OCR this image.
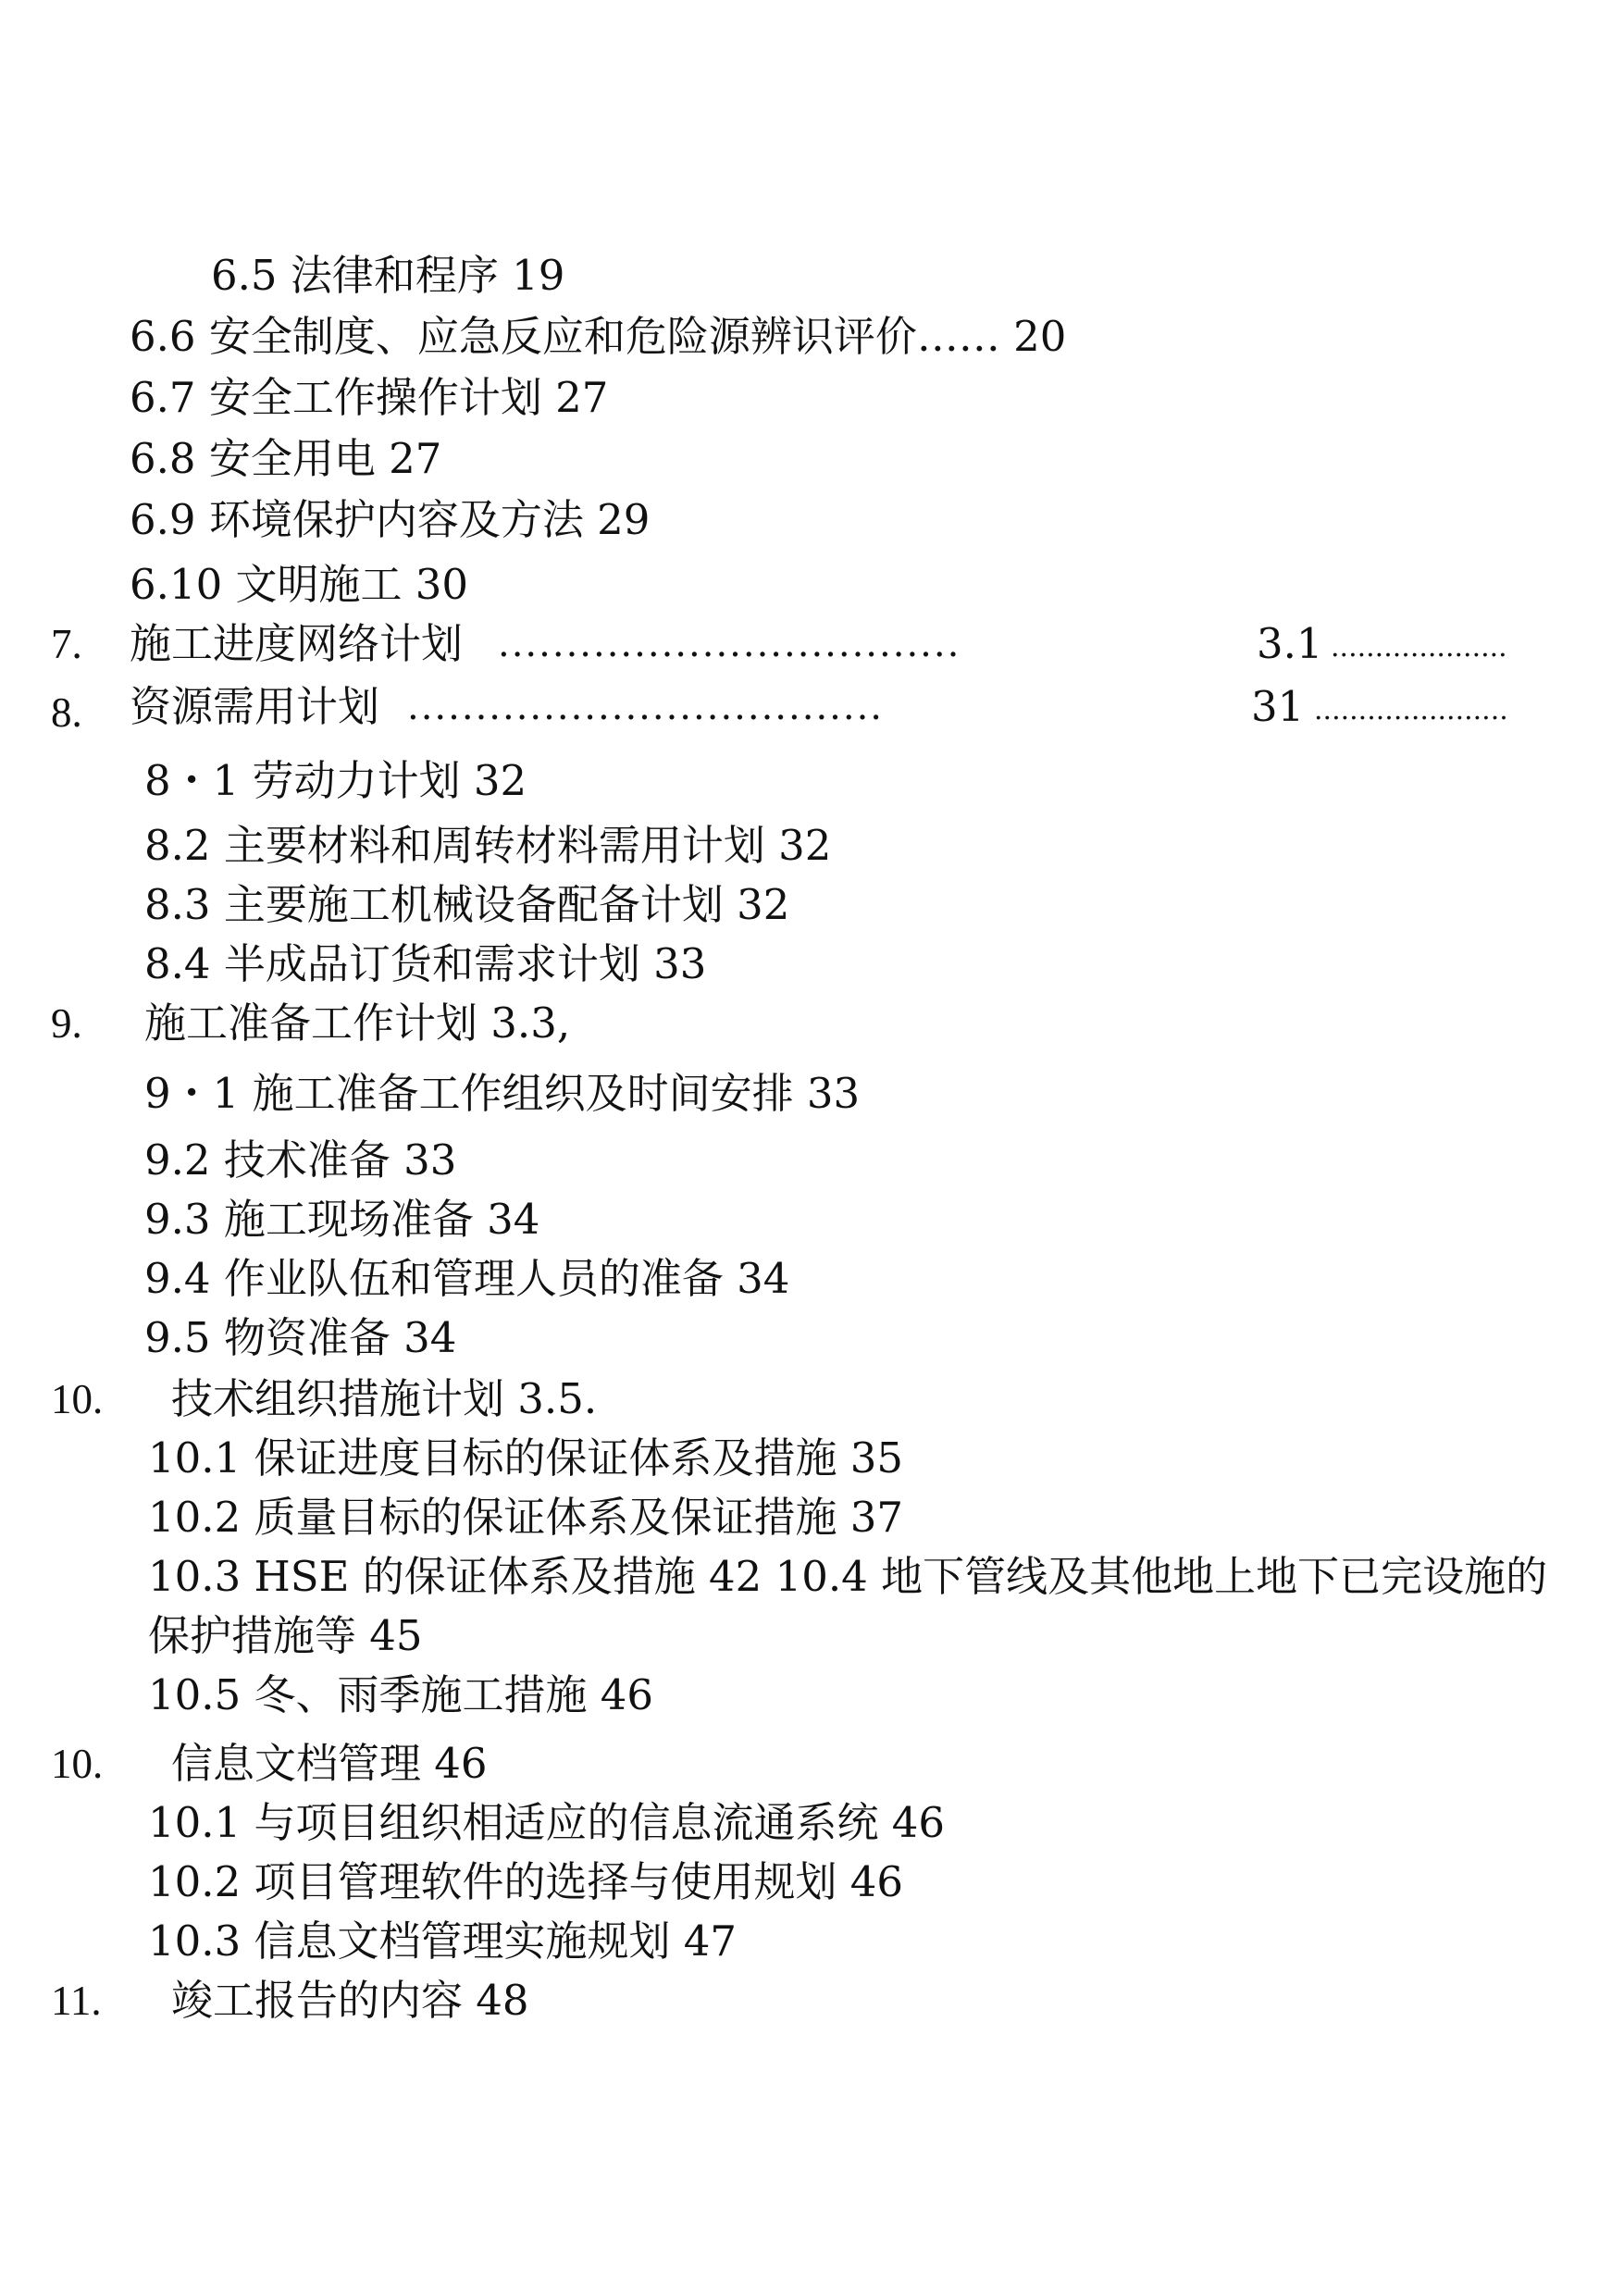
6.5 法律和程序 19
6.6 安全制度、应急反应和危险源辨识评价…… 20
6.7 安全工作操作计划 27
6.8 安全用电 27
6.9 环境保护内容及方法 29
6.10 文明施工 30
7. 施工进度网络计划 ..................................	3.1 ....................
8. 资源需用计划 ...................................	31 ......................
8・1 劳动力计划 32
8.2 主要材料和周转材料需用计划 32
8.3 主要施工机械设备配备计划 32
8.4 半成品订货和需求计划 33
9. 施工准备工作计划 3.3,
9・1 施工准备工作组织及时间安排 33
9.2 技术准备 33
9.3 施工现场准备 34
9.4 作业队伍和管理人员的准备 34
9.5 物资准备 34
10. 技术组织措施计划 3.5.
10.1 保证进度目标的保证体系及措施 35
10.2 质量目标的保证体系及保证措施 37
10.3 HSE 的保证体系及措施 42 10.4 地下管线及其他地上地下已完设施的
保护措施等 45
10.5 冬、雨季施工措施 46
10. 信息文档管理 46
10.1 与项目组织相适应的信息流通系统 46
10.2 项目管理软件的选择与使用规划 46
10.3 信息文档管理实施规划 47
11. 竣工报告的内容 48
